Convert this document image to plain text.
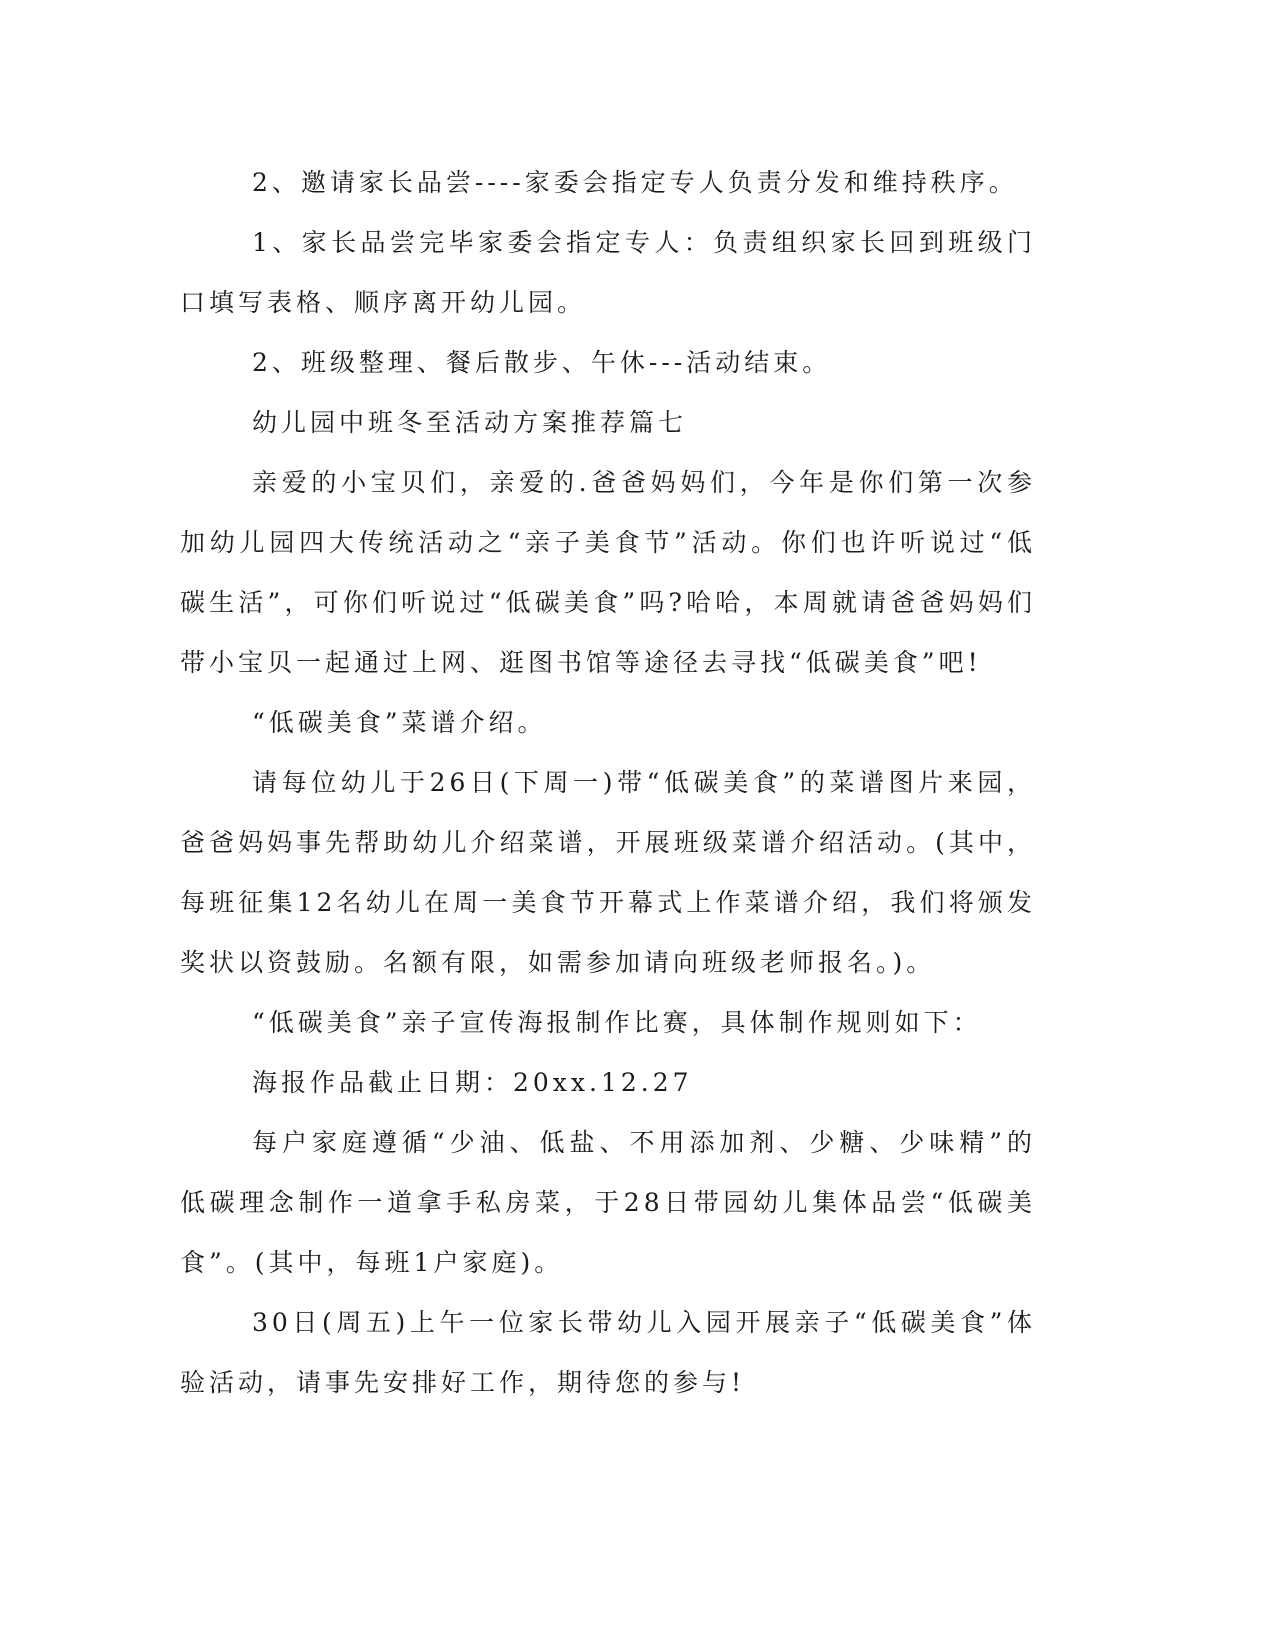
2、邀请家长品尝----家委会指定专人负责分发和维持秩序。

1、家长品尝完毕家委会指定专人：负责组织家长回到班级门口填写表格、顺序离开幼儿园。

2、班级整理、餐后散步、午休---活动结束。

幼儿园中班冬至活动方案推荐篇七

亲爱的小宝贝们，亲爱的.爸爸妈妈们，今年是你们第一次参加幼儿园四大传统活动之“亲子美食节”活动。你们也许听说过“低碳生活”，可你们听说过“低碳美食”吗?哈哈，本周就请爸爸妈妈们带小宝贝一起通过上网、逛图书馆等途径去寻找“低碳美食”吧!

“低碳美食”菜谱介绍。

请每位幼儿于26日(下周一)带“低碳美食”的菜谱图片来园，爸爸妈妈事先帮助幼儿介绍菜谱，开展班级菜谱介绍活动。(其中，每班征集12名幼儿在周一美食节开幕式上作菜谱介绍，我们将颁发奖状以资鼓励。名额有限，如需参加请向班级老师报名。)。

“低碳美食”亲子宣传海报制作比赛，具体制作规则如下：

海报作品截止日期：20xx.12.27

每户家庭遵循“少油、低盐、不用添加剂、少糖、少味精”的低碳理念制作一道拿手私房菜，于28日带园幼儿集体品尝“低碳美食”。(其中，每班1户家庭)。

30日(周五)上午一位家长带幼儿入园开展亲子“低碳美食”体验活动，请事先安排好工作，期待您的参与!
